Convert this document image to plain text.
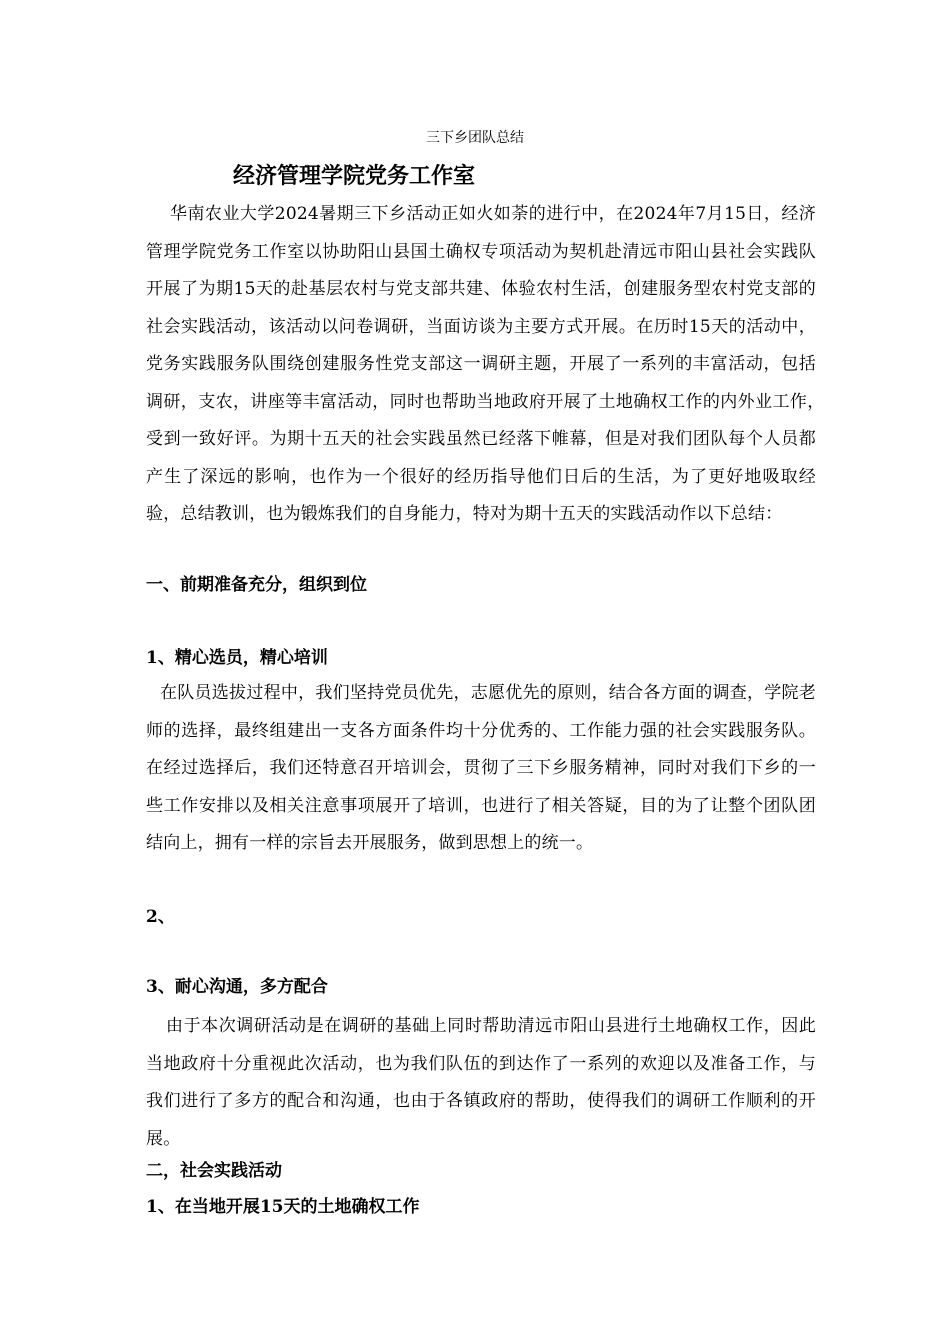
三下乡团队总结
经济管理学院党务工作室
华南农业大学2024暑期三下乡活动正如火如荼的进行中，在2024年7月15日，经济管理学院党务工作室以协助阳山县国土确权专项活动为契机赴清远市阳山县社会实践队开展了为期15天的赴基层农村与党支部共建、体验农村生活，创建服务型农村党支部的社会实践活动，该活动以问卷调研，当面访谈为主要方式开展。在历时15天的活动中，党务实践服务队围绕创建服务性党支部这一调研主题，开展了一系列的丰富活动，包括调研，支农，讲座等丰富活动，同时也帮助当地政府开展了土地确权工作的内外业工作，　受到一致好评。为期十五天的社会实践虽然已经落下帷幕，但是对我们团队每个人员都产生了深远的影响，也作为一个很好的经历指导他们日后的生活，为了更好地吸取经验，总结教训，也为锻炼我们的自身能力，特对为期十五天的实践活动作以下总结：
一、前期准备充分，组织到位
1、精心选员，精心培训
在队员选拔过程中，我们坚持党员优先，志愿优先的原则，结合各方面的调查，学院老师的选择，最终组建出一支各方面条件均十分优秀的、工作能力强的社会实践服务队。在经过选择后，我们还特意召开培训会，贯彻了三下乡服务精神，同时对我们下乡的一些工作安排以及相关注意事项展开了培训，也进行了相关答疑，目的为了让整个团队团结向上，拥有一样的宗旨去开展服务，做到思想上的统一。
2、
3、耐心沟通，多方配合
由于本次调研活动是在调研的基础上同时帮助清远市阳山县进行土地确权工作，因此当地政府十分重视此次活动，也为我们队伍的到达作了一系列的欢迎以及准备工作，与我们进行了多方的配合和沟通，也由于各镇政府的帮助，使得我们的调研工作顺利的开展。
二，社会实践活动
1、在当地开展15天的土地确权工作
